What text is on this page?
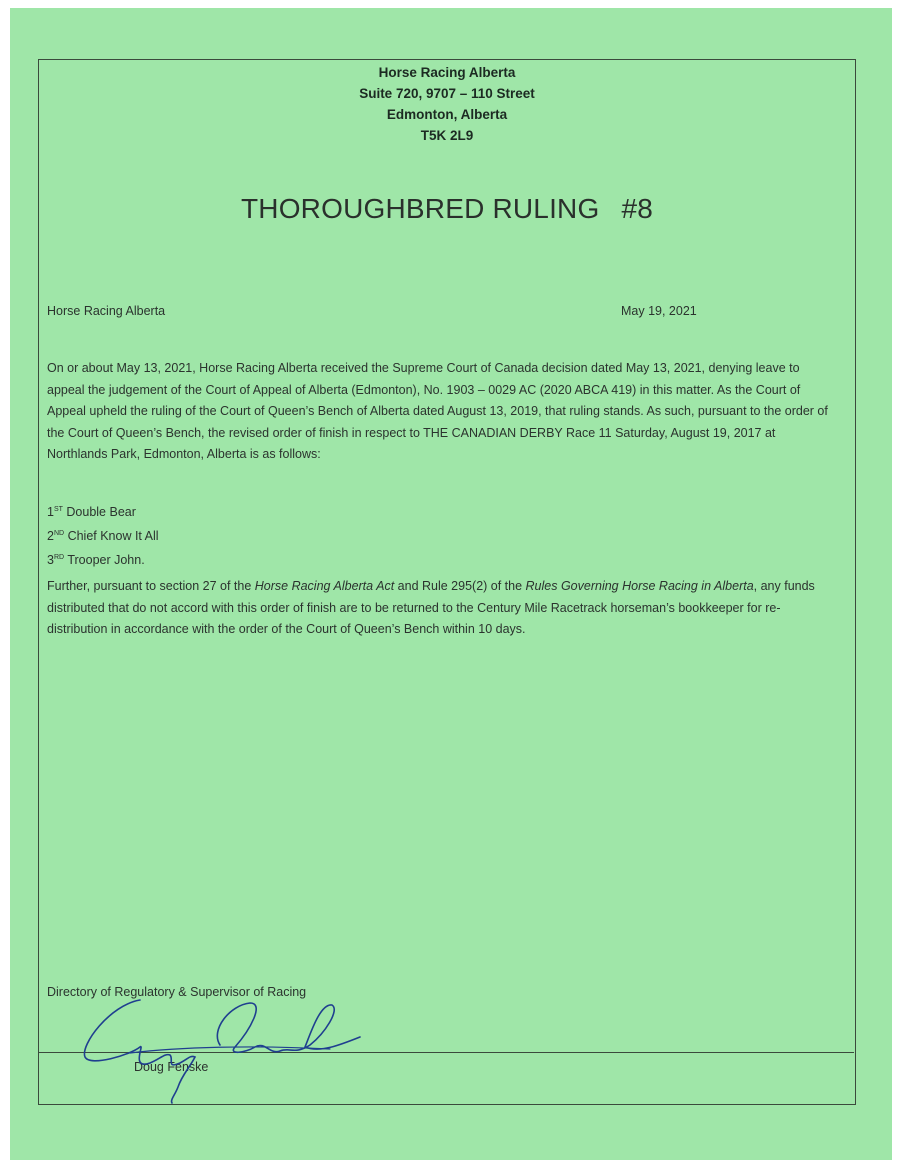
Horse Racing Alberta
Suite 720, 9707 – 110 Street
Edmonton, Alberta
T5K 2L9
THOROUGHBRED RULING #8
Horse Racing Alberta	May 19, 2021
On or about May 13, 2021, Horse Racing Alberta received the Supreme Court of Canada decision dated May 13, 2021, denying leave to appeal the judgement of the Court of Appeal of Alberta (Edmonton), No. 1903 – 0029 AC (2020 ABCA 419) in this matter. As the Court of Appeal upheld the ruling of the Court of Queen’s Bench of Alberta dated August 13, 2019, that ruling stands. As such, pursuant to the order of the Court of Queen’s Bench, the revised order of finish in respect to THE CANADIAN DERBY Race 11 Saturday, August 19, 2017 at Northlands Park, Edmonton, Alberta is as follows:
1ST Double Bear
2ND Chief Know It All
3RD Trooper John.
Further, pursuant to section 27 of the Horse Racing Alberta Act and Rule 295(2) of the Rules Governing Horse Racing in Alberta, any funds distributed that do not accord with this order of finish are to be returned to the Century Mile Racetrack horseman’s bookkeeper for re-distribution in accordance with the order of the Court of Queen’s Bench within 10 days.
Directory of Regulatory & Supervisor of Racing
Doug Fenske
